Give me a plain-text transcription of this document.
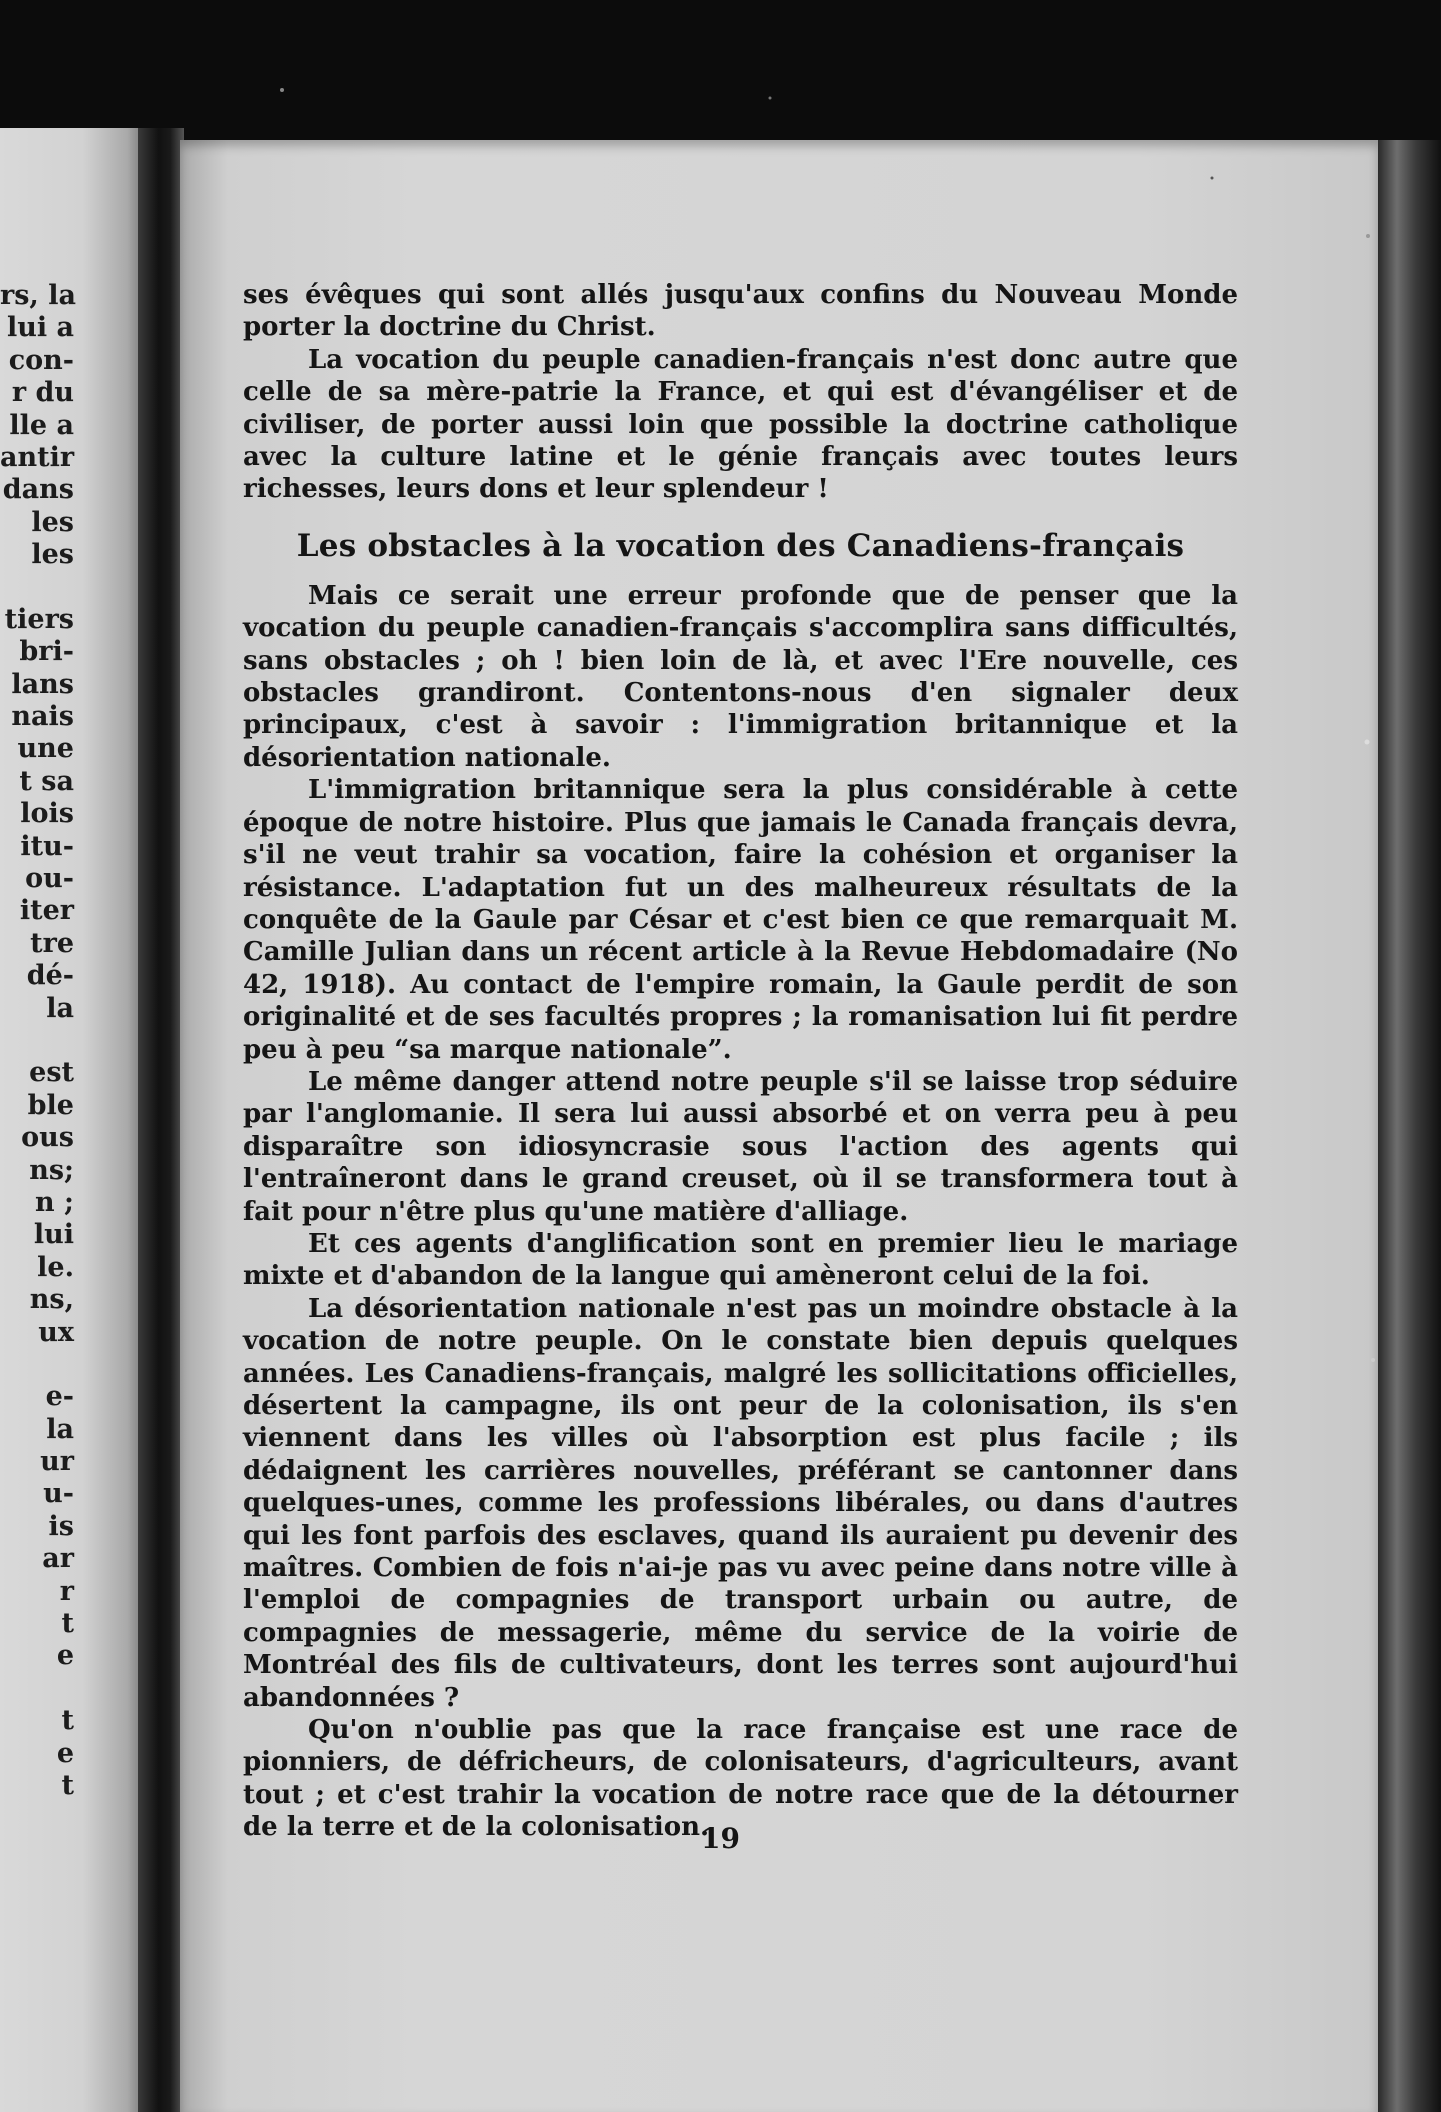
rs, la
lui a
con-
r du
lle a
antir
dans
les
les
tiers
bri-
lans
nais
une
t sa
lois
itu-
ou-
iter
tre
dé-
la
est
ble
ous
ns;
n ;
lui
le.
ns,
ux
e-
la
ur
u-
is
ar
r
t
e
t
e
t

ses évêques qui sont allés jusqu'aux confins du Nouveau Monde porter la doctrine du Christ.

La vocation du peuple canadien-français n'est donc autre que celle de sa mère-patrie la France, et qui est d'évangéliser et de civiliser, de porter aussi loin que possible la doctrine catholique avec la culture latine et le génie français avec toutes leurs richesses, leurs dons et leur splendeur !

Les obstacles à la vocation des Canadiens-français

Mais ce serait une erreur profonde que de penser que la vocation du peuple canadien-français s'accomplira sans difficultés, sans obstacles ; oh ! bien loin de là, et avec l'Ere nouvelle, ces obstacles grandiront. Contentons-nous d'en signaler deux principaux, c'est à savoir : l'immigration britannique et la désorientation nationale.

L'immigration britannique sera la plus considérable à cette époque de notre histoire. Plus que jamais le Canada français devra, s'il ne veut trahir sa vocation, faire la cohésion et organiser la résistance. L'adaptation fut un des malheureux résultats de la conquête de la Gaule par César et c'est bien ce que remarquait M. Camille Julian dans un récent article à la Revue Hebdomadaire (No 42, 1918). Au contact de l'empire romain, la Gaule perdit de son originalité et de ses facultés propres ; la romanisation lui fit perdre peu à peu “sa marque nationale”.

Le même danger attend notre peuple s'il se laisse trop séduire par l'anglomanie. Il sera lui aussi absorbé et on verra peu à peu disparaître son idiosyncrasie sous l'action des agents qui l'entraîneront dans le grand creuset, où il se transformera tout à fait pour n'être plus qu'une matière d'alliage.

Et ces agents d'anglification sont en premier lieu le mariage mixte et d'abandon de la langue qui amèneront celui de la foi.

La désorientation nationale n'est pas un moindre obstacle à la vocation de notre peuple. On le constate bien depuis quelques années. Les Canadiens-français, malgré les sollicitations officielles, désertent la campagne, ils ont peur de la colonisation, ils s'en viennent dans les villes où l'absorption est plus facile ; ils dédaignent les carrières nouvelles, préférant se cantonner dans quelques-unes, comme les professions libérales, ou dans d'autres qui les font parfois des esclaves, quand ils auraient pu devenir des maîtres. Combien de fois n'ai-je pas vu avec peine dans notre ville à l'emploi de compagnies de transport urbain ou autre, de compagnies de messagerie, même du service de la voirie de Montréal des fils de cultivateurs, dont les terres sont aujourd'hui abandonnées ?

Qu'on n'oublie pas que la race française est une race de pionniers, de défricheurs, de colonisateurs, d'agriculteurs, avant tout ; et c'est trahir la vocation de notre race que de la détourner de la terre et de la colonisation.

19
